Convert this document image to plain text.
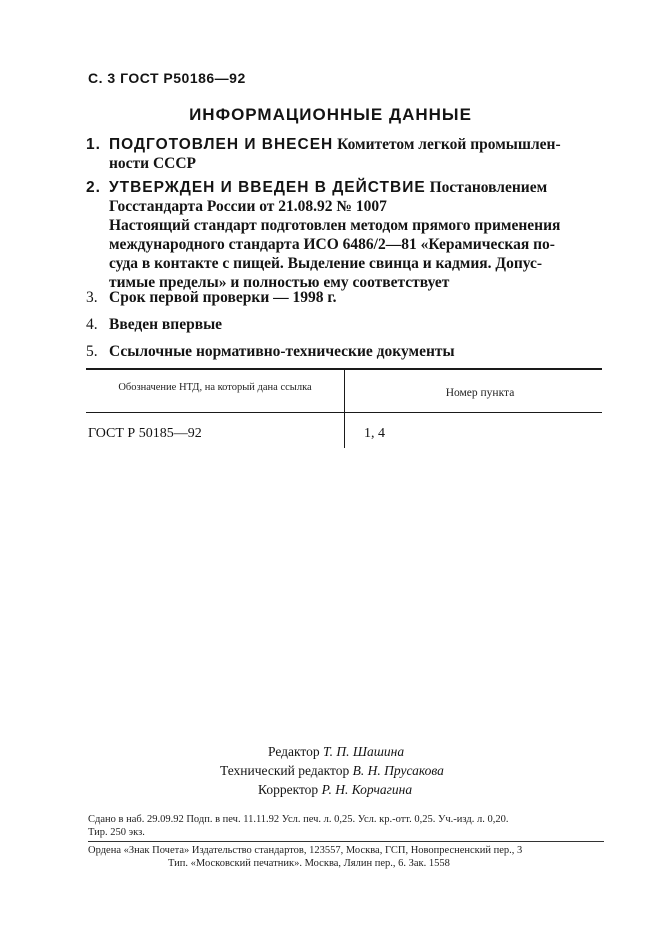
С. 3 ГОСТ Р50186—92
ИНФОРМАЦИОННЫЕ ДАННЫЕ
1. ПОДГОТОВЛЕН И ВНЕСЕН Комитетом легкой промышлен-
ности СССР
2. УТВЕРЖДЕН И ВВЕДЕН В ДЕЙСТВИЕ Постановлением
Госстандарта России от 21.08.92 № 1007
Настоящий стандарт подготовлен методом прямого применения
международного стандарта ИСО 6486/2—81 «Керамическая по-
суда в контакте с пищей. Выделение свинца и кадмия. Допус-
тимые пределы» и полностью ему соответствует
3. Срок первой проверки — 1998 г.
4. Введен впервые
5. Ссылочные нормативно-технические документы
Обозначение НТД, на который дана ссылка	Номер пункта
ГОСТ Р 50185—92	1, 4
Редактор Т. П. Шашина
Технический редактор В. Н. Прусакова
Корректор Р. Н. Корчагина
Сдано в наб. 29.09.92 Подп. в печ. 11.11.92 Усл. печ. л. 0,25. Усл. кр.-отт. 0,25. Уч.-изд. л. 0,20.
Тир. 250 экз.
Ордена «Знак Почета» Издательство стандартов, 123557, Москва, ГСП, Новопресненский пер., 3
Тип. «Московский печатник». Москва, Лялин пер., 6. Зак. 1558
